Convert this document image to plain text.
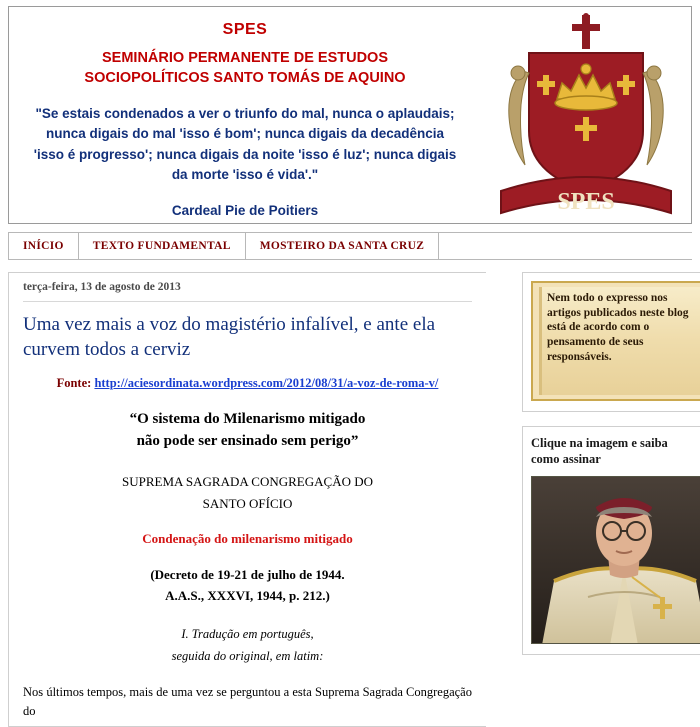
SPES
SEMINÁRIO PERMANENTE DE ESTUDOS
SOCIOPOLÍTICOS SANTO TOMÁS DE AQUINO
"Se estais condenados a ver o triunfo do mal, nunca o aplaudais; nunca digais do mal 'isso é bom'; nunca digais da decadência 'isso é progresso'; nunca digais da noite 'isso é luz'; nunca digais da morte 'isso é vida'."
Cardeal Pie de Poitiers	SPES
INÍCIO	TEXTO FUNDAMENTAL	MOSTEIRO DA SANTA CRUZ
terça-feira, 13 de agosto de 2013
Uma vez mais a voz do magistério infalível, e ante ela curvem todos a cerviz
Fonte: http://aciesordinata.wordpress.com/2012/08/31/a-voz-de-roma-v/
“O sistema do Milenarismo mitigado
não pode ser ensinado sem perigo”
SUPREMA SAGRADA CONGREGAÇÃO DO
SANTO OFÍCIO
Condenação do milenarismo mitigado
(Decreto de 19-21 de julho de 1944.
A.A.S., XXXVI, 1944, p. 212.)
I. Tradução em português,
seguida do original, em latim:
Nos últimos tempos, mais de uma vez se perguntou a esta Suprema Sagrada Congregação do
Nem todo o expresso nos artigos publicados neste blog está de acordo com o pensamento de seus responsáveis.
Clique na imagem e saiba
como assinar
